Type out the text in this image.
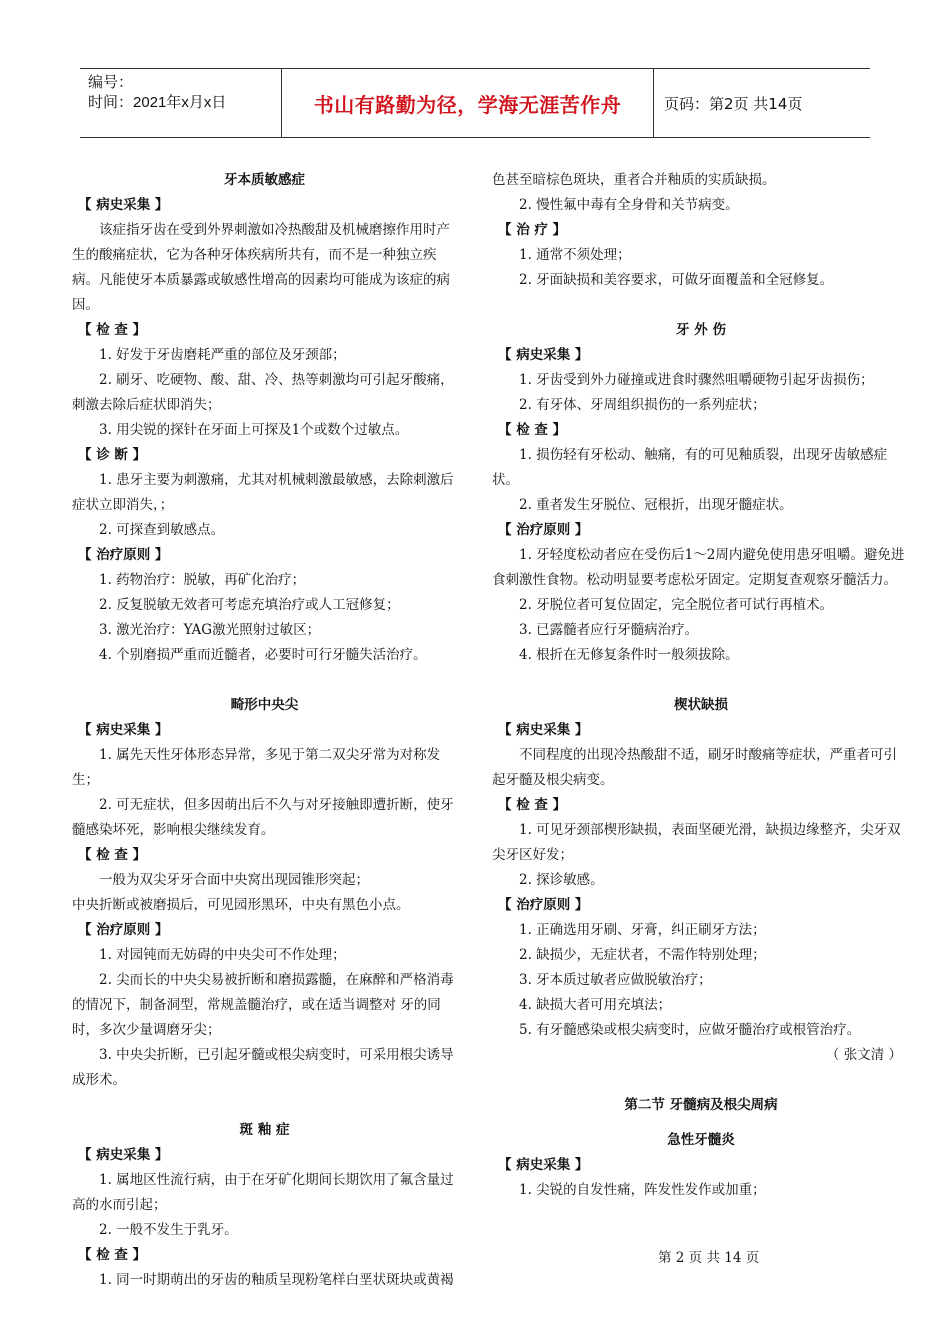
编号：
时间：2021年x月x日	书山有路勤为径，学海无涯苦作舟	页码：第2页 共14页

牙本质敏感症

【 病史采集 】

该症指牙齿在受到外界刺激如冷热酸甜及机械磨擦作用时产生的酸痛症状，它为各种牙体疾病所共有，而不是一种独立疾病。凡能使牙本质暴露或敏感性增高的因素均可能成为该症的病因。

【 检 查 】

1. 好发于牙齿磨耗严重的部位及牙颈部；

2. 刷牙、吃硬物、酸、甜、冷、热等刺激均可引起牙酸痛，刺激去除后症状即消失；

3. 用尖锐的探针在牙面上可探及1个或数个过敏点。

【 诊 断 】

1. 患牙主要为刺激痛，尤其对机械刺激最敏感，去除刺激后症状立即消失，；

2. 可探查到敏感点。

【 治疗原则 】

1. 药物治疗：脱敏，再矿化治疗；

2. 反复脱敏无效者可考虑充填治疗或人工冠修复；

3. 激光治疗：YAG激光照射过敏区；

4. 个别磨损严重而近髓者，必要时可行牙髓失活治疗。

畸形中央尖

【 病史采集 】

1. 属先天性牙体形态异常，多见于第二双尖牙常为对称发生；

2. 可无症状，但多因萌出后不久与对牙接触即遭折断，使牙髓感染坏死，影响根尖继续发育。

【 检 查 】

一般为双尖牙牙合面中央窝出现园锥形突起；

中央折断或被磨损后，可见园形黑环，中央有黑色小点。

【 治疗原则 】

1. 对园钝而无妨碍的中央尖可不作处理；

2. 尖而长的中央尖易被折断和磨损露髓，在麻醉和严格消毒的情况下，制备洞型，常规盖髓治疗，或在适当调整对 牙的同时，多次少量调磨牙尖；

3. 中央尖折断，已引起牙髓或根尖病变时，可采用根尖诱导成形术。

斑 釉 症

【 病史采集 】

1. 属地区性流行病，由于在牙矿化期间长期饮用了氟含量过高的水而引起；

2. 一般不发生于乳牙。

【 检 查 】

1. 同一时期萌出的牙齿的釉质呈现粉笔样白垩状斑块或黄褐

色甚至暗棕色斑块，重者合并釉质的实质缺损。

2. 慢性氟中毒有全身骨和关节病变。

【 治 疗 】

1. 通常不须处理；

2. 牙面缺损和美容要求，可做牙面覆盖和全冠修复。

牙 外 伤

【 病史采集 】

1. 牙齿受到外力碰撞或进食时骤然咀嚼硬物引起牙齿损伤；

2. 有牙体、牙周组织损伤的一系列症状；

【 检 查 】

1. 损伤轻有牙松动、触痛，有的可见釉质裂，出现牙齿敏感症状。

2. 重者发生牙脱位、冠根折，出现牙髓症状。

【 治疗原则 】

1. 牙轻度松动者应在受伤后1～2周内避免使用患牙咀嚼。避免进食刺激性食物。松动明显要考虑松牙固定。定期复查观察牙髓活力。

2. 牙脱位者可复位固定，完全脱位者可试行再植术。

3. 已露髓者应行牙髓病治疗。

4. 根折在无修复条件时一般须拔除。

楔状缺损

【 病史采集 】

不同程度的出现冷热酸甜不适，刷牙时酸痛等症状，严重者可引起牙髓及根尖病变。

【 检 查 】

1. 可见牙颈部楔形缺损，表面坚硬光滑，缺损边缘整齐，尖牙双尖牙区好发；

2. 探诊敏感。

【 治疗原则 】

1. 正确选用牙刷、牙膏，纠正刷牙方法；

2. 缺损少，无症状者，不需作特别处理；

3. 牙本质过敏者应做脱敏治疗；

4. 缺损大者可用充填法；

5. 有牙髓感染或根尖病变时，应做牙髓治疗或根管治疗。

（ 张文清 ）

第二节 牙髓病及根尖周病

急性牙髓炎

【 病史采集 】

1. 尖锐的自发性痛，阵发性发作或加重；

第 2 页 共 14 页
